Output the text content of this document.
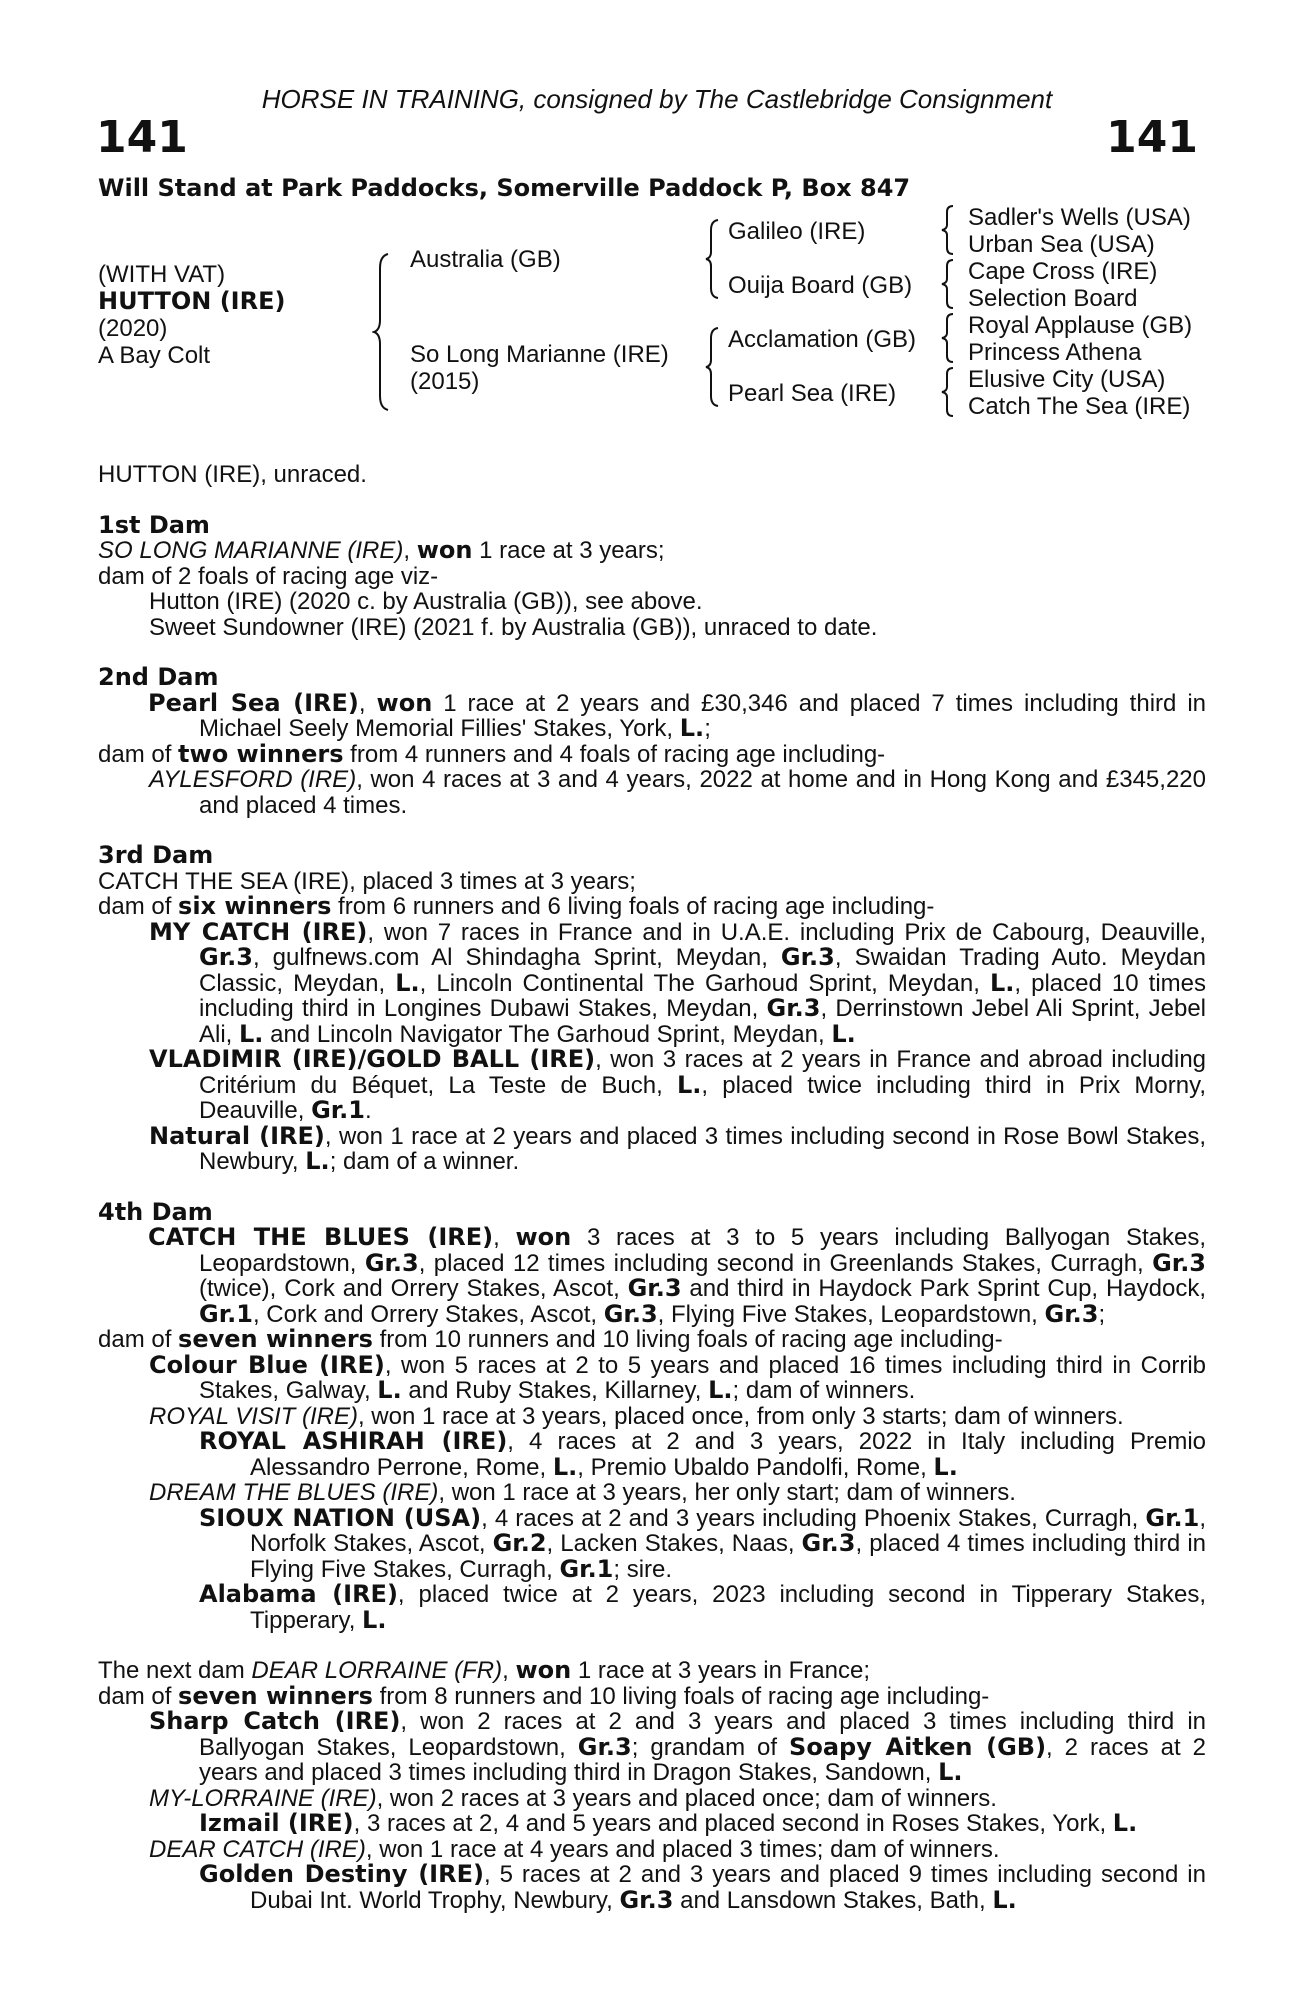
HORSE IN TRAINING, consigned by The Castlebridge Consignment
141	141
Will Stand at Park Paddocks, Somerville Paddock P, Box 847
(WITH VAT)
HUTTON (IRE)
(2020)
A Bay Colt
Australia (GB)
So Long Marianne (IRE)
(2015)
Galileo (IRE)
Ouija Board (GB)
Acclamation (GB)
Pearl Sea (IRE)
Sadler's Wells (USA)
Urban Sea (USA)
Cape Cross (IRE)
Selection Board
Royal Applause (GB)
Princess Athena
Elusive City (USA)
Catch The Sea (IRE)

HUTTON (IRE), unraced.

1st Dam

SO LONG MARIANNE (IRE), won 1 race at 3 years;

dam of 2 foals of racing age viz-

Hutton (IRE) (2020 c. by Australia (GB)), see above.

Sweet Sundowner (IRE) (2021 f. by Australia (GB)), unraced to date.

2nd Dam

Pearl Sea (IRE), won 1 race at 2 years and £30,346 and placed 7 times including third in Michael Seely Memorial Fillies' Stakes, York, L.;

dam of two winners from 4 runners and 4 foals of racing age including-

AYLESFORD (IRE), won 4 races at 3 and 4 years, 2022 at home and in Hong Kong and £345,220 and placed 4 times.

3rd Dam

CATCH THE SEA (IRE), placed 3 times at 3 years;

dam of six winners from 6 runners and 6 living foals of racing age including-

MY CATCH (IRE), won 7 races in France and in U.A.E. including Prix de Cabourg, Deauville, Gr.3, gulfnews.com Al Shindagha Sprint, Meydan, Gr.3, Swaidan Trading Auto. Meydan Classic, Meydan, L., Lincoln Continental The Garhoud Sprint, Meydan, L., placed 10 times including third in Longines Dubawi Stakes, Meydan, Gr.3, Derrinstown Jebel Ali Sprint, Jebel Ali, L. and Lincoln Navigator The Garhoud Sprint, Meydan, L.

VLADIMIR (IRE)/GOLD BALL (IRE), won 3 races at 2 years in France and abroad including Critérium du Béquet, La Teste de Buch, L., placed twice including third in Prix Morny, Deauville, Gr.1.

Natural (IRE), won 1 race at 2 years and placed 3 times including second in Rose Bowl Stakes, Newbury, L.; dam of a winner.

4th Dam

CATCH THE BLUES (IRE), won 3 races at 3 to 5 years including Ballyogan Stakes, Leopardstown, Gr.3, placed 12 times including second in Greenlands Stakes, Curragh, Gr.3 (twice), Cork and Orrery Stakes, Ascot, Gr.3 and third in Haydock Park Sprint Cup, Haydock, Gr.1, Cork and Orrery Stakes, Ascot, Gr.3, Flying Five Stakes, Leopardstown, Gr.3;

dam of seven winners from 10 runners and 10 living foals of racing age including-

Colour Blue (IRE), won 5 races at 2 to 5 years and placed 16 times including third in Corrib Stakes, Galway, L. and Ruby Stakes, Killarney, L.; dam of winners.

ROYAL VISIT (IRE), won 1 race at 3 years, placed once, from only 3 starts; dam of winners.

ROYAL ASHIRAH (IRE), 4 races at 2 and 3 years, 2022 in Italy including Premio Alessandro Perrone, Rome, L., Premio Ubaldo Pandolfi, Rome, L.

DREAM THE BLUES (IRE), won 1 race at 3 years, her only start; dam of winners.

SIOUX NATION (USA), 4 races at 2 and 3 years including Phoenix Stakes, Curragh, Gr.1, Norfolk Stakes, Ascot, Gr.2, Lacken Stakes, Naas, Gr.3, placed 4 times including third in Flying Five Stakes, Curragh, Gr.1; sire.

Alabama (IRE), placed twice at 2 years, 2023 including second in Tipperary Stakes, Tipperary, L.

The next dam DEAR LORRAINE (FR), won 1 race at 3 years in France;

dam of seven winners from 8 runners and 10 living foals of racing age including-

Sharp Catch (IRE), won 2 races at 2 and 3 years and placed 3 times including third in Ballyogan Stakes, Leopardstown, Gr.3; grandam of Soapy Aitken (GB), 2 races at 2 years and placed 3 times including third in Dragon Stakes, Sandown, L.

MY-LORRAINE (IRE), won 2 races at 3 years and placed once; dam of winners.

Izmail (IRE), 3 races at 2, 4 and 5 years and placed second in Roses Stakes, York, L.

DEAR CATCH (IRE), won 1 race at 4 years and placed 3 times; dam of winners.

Golden Destiny (IRE), 5 races at 2 and 3 years and placed 9 times including second in Dubai Int. World Trophy, Newbury, Gr.3 and Lansdown Stakes, Bath, L.
